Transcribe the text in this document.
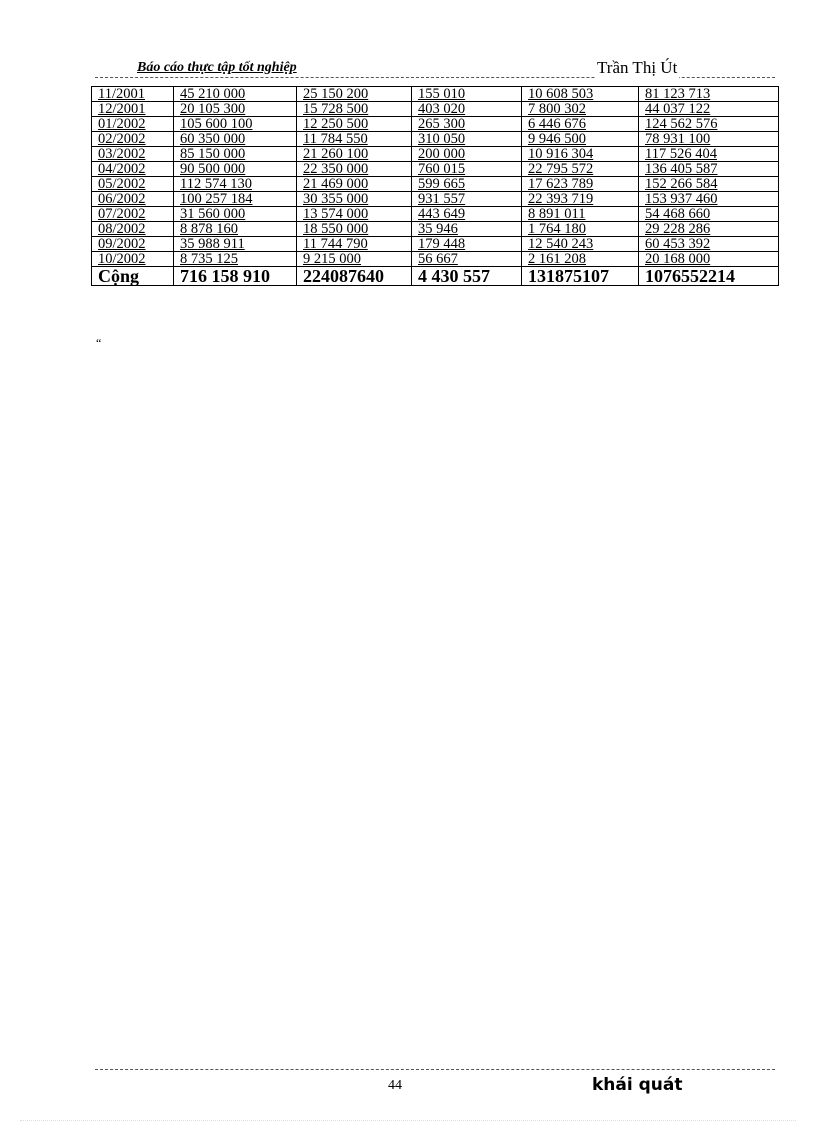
Báo cáo thực tập tốt nghiệp	Trần Thị Út
11/2001	45 210 000	25 150 200	155 010	10 608 503	81 123 713
12/2001	20 105 300	15 728 500	403 020	7 800 302	44 037 122
01/2002	105 600 100	12 250 500	265 300	6 446 676	124 562 576
02/2002	60 350 000	11 784 550	310 050	9 946 500	78 931 100
03/2002	85 150 000	21 260 100	200 000	10 916 304	117 526 404
04/2002	90 500 000	22 350 000	760 015	22 795 572	136 405 587
05/2002	112 574 130	21 469 000	599 665	17 623 789	152 266 584
06/2002	100 257 184	30 355 000	931 557	22 393 719	153 937 460
07/2002	31 560 000	13 574 000	443 649	8 891 011	54 468 660
08/2002	8 878 160	18 550 000	35 946	1 764 180	29 228 286
09/2002	35 988 911	11 744 790	179 448	12 540 243	60 453 392
10/2002	8 735 125	9 215 000	56 667	2 161 208	20 168 000
Cộng	716 158 910	224087640	4 430 557	131875107	1076552214
“
44	khái quát
